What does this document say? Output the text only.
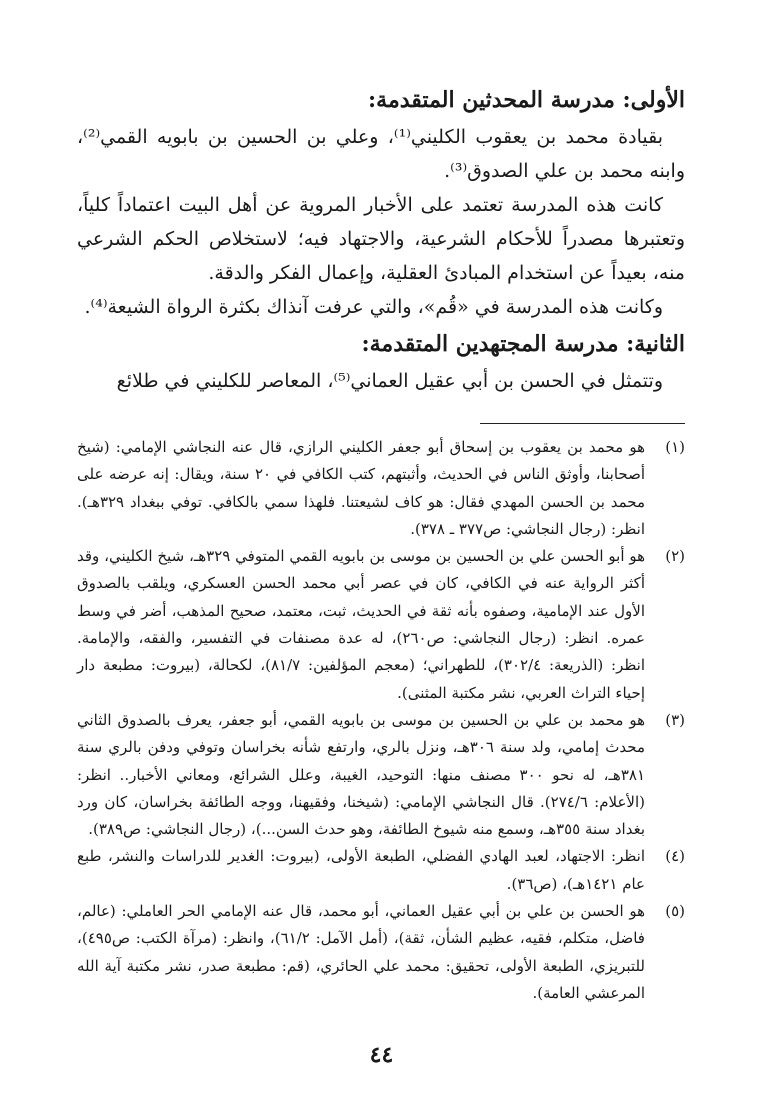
الأولى: مدرسة المحدثين المتقدمة:

بقيادة محمد بن يعقوب الكليني⁽¹⁾، وعلي بن الحسين بن بابويه القمي⁽²⁾، وابنه محمد بن علي الصدوق⁽³⁾.

كانت هذه المدرسة تعتمد على الأخبار المروية عن أهل البيت اعتماداً كلياً، وتعتبرها مصدراً للأحكام الشرعية، والاجتهاد فيه؛ لاستخلاص الحكم الشرعي منه، بعيداً عن استخدام المبادئ العقلية، وإعمال الفكر والدقة.

وكانت هذه المدرسة في «قُم»، والتي عرفت آنذاك بكثرة الرواة الشيعة⁽⁴⁾.

الثانية: مدرسة المجتهدين المتقدمة:

وتتمثل في الحسن بن أبي عقيل العماني⁽⁵⁾، المعاصر للكليني في طلائع

(١)
هو محمد بن يعقوب بن إسحاق أبو جعفر الكليني الرازي، قال عنه النجاشي الإمامي: (شيخ أصحابنا، وأوثق الناس في الحديث، وأثبتهم، كتب الكافي في ٢٠ سنة، ويقال: إنه عرضه على محمد بن الحسن المهدي فقال: هو كاف لشيعتنا. فلهذا سمي بالكافي. توفي ببغداد ٣٢٩هـ). انظر: (رجال النجاشي: ص٣٧٧ ـ ٣٧٨).
(٢)
هو أبو الحسن علي بن الحسين بن موسى بن بابويه القمي المتوفي ٣٢٩هـ، شيخ الكليني، وقد أكثر الرواية عنه في الكافي، كان في عصر أبي محمد الحسن العسكري، ويلقب بالصدوق الأول عند الإمامية، وصفوه بأنه ثقة في الحديث، ثبت، معتمد، صحيح المذهب، أضر في وسط عمره. انظر: (رجال النجاشي: ص٢٦٠)، له عدة مصنفات في التفسير، والفقه، والإمامة. انظر: (الذريعة: ٣٠٢/٤)، للطهراني؛ (معجم المؤلفين: ٨١/٧)، لكحالة، (بيروت: مطبعة دار إحياء التراث العربي، نشر مكتبة المثنى).
(٣)
هو محمد بن علي بن الحسين بن موسى بن بابويه القمي، أبو جعفر، يعرف بالصدوق الثاني محدث إمامي، ولد سنة ٣٠٦هـ، ونزل بالري، وارتفع شأنه بخراسان وتوفي ودفن بالري سنة ٣٨١هـ، له نحو ٣٠٠ مصنف منها: التوحيد، الغيبة، وعلل الشرائع، ومعاني الأخبار.. انظر: (الأعلام: ٢٧٤/٦). قال النجاشي الإمامي: (شيخنا، وفقيهنا، ووجه الطائفة بخراسان، كان ورد بغداد سنة ٣٥٥هـ، وسمع منه شيوخ الطائفة، وهو حدث السن...)، (رجال النجاشي: ص٣٨٩).
(٤)
انظر: الاجتهاد، لعبد الهادي الفضلي، الطبعة الأولى، (بيروت: الغدير للدراسات والنشر، طبع عام ١٤٢١هـ)، (ص٣٦).
(٥)
هو الحسن بن علي بن أبي عقيل العماني، أبو محمد، قال عنه الإمامي الحر العاملي: (عالم، فاضل، متكلم، فقيه، عظيم الشأن، ثقة)، (أمل الآمل: ٦١/٢)، وانظر: (مرآة الكتب: ص٤٩٥)، للتبريزي، الطبعة الأولى، تحقيق: محمد علي الحائري، (قم: مطبعة صدر، نشر مكتبة آية الله المرعشي العامة).
٤٤
